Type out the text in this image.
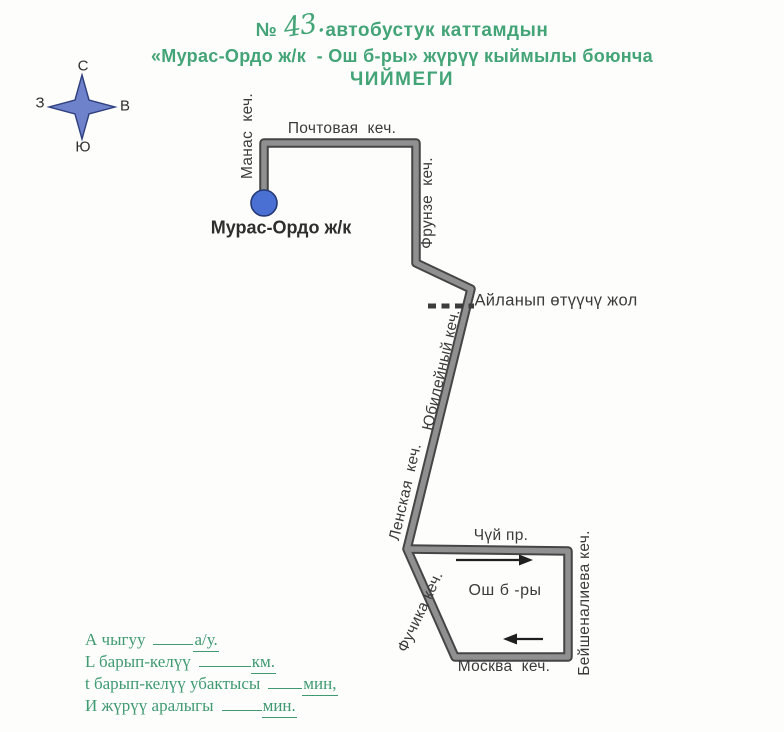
№ 43.автобустук каттамдын
«Мурас-Ордо ж/к  - Ош б-ры» жүрүү кыймылы боюнча
ЧИЙМЕГИ
С
В
Ю
З	Манас  кеч. Почтовая  кеч.
Фрунзе  кеч.
Айланып өтүүчү жол
Юбилейный кеч.
Ленская  кеч.	Чүй пр.	Бейшеналиева кеч.
Ош б -ры
Москва  кеч.
Фучика кеч.
Мурас-Ордо ж/к
А чыгуу	а/у.
L барып-келүү	км.
t барып-келүү убактысы	мин,
И жүрүү аралыгы	мин.
